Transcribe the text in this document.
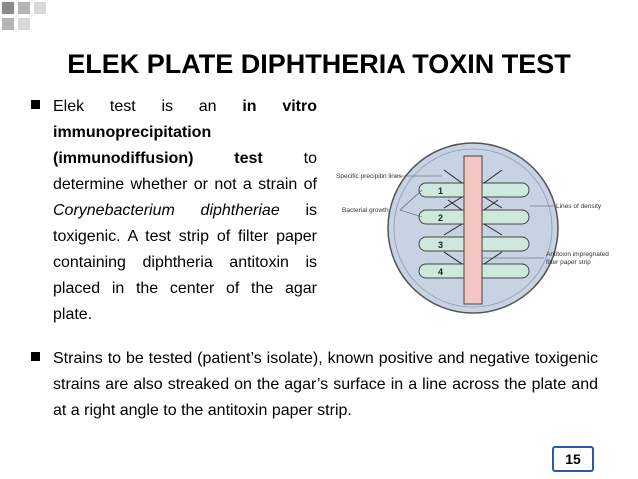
ELEK PLATE DIPHTHERIA TOXIN TEST
Elek test is an in vitro immunoprecipitation (immunodiffusion) test to determine whether or not a strain of Corynebacterium diphtheriae is toxigenic. A test strip of filter paper containing diphtheria antitoxin is placed in the center of the agar plate.
1
2
3
4
Specific precipitin lines
Bacterial growth
Lines of density
Antitoxin impregnated
filter paper strip
Strains to be tested (patient’s isolate), known positive and negative toxigenic strains are also streaked on the agar’s surface in a line across the plate and at a right angle to the antitoxin paper strip.
15
